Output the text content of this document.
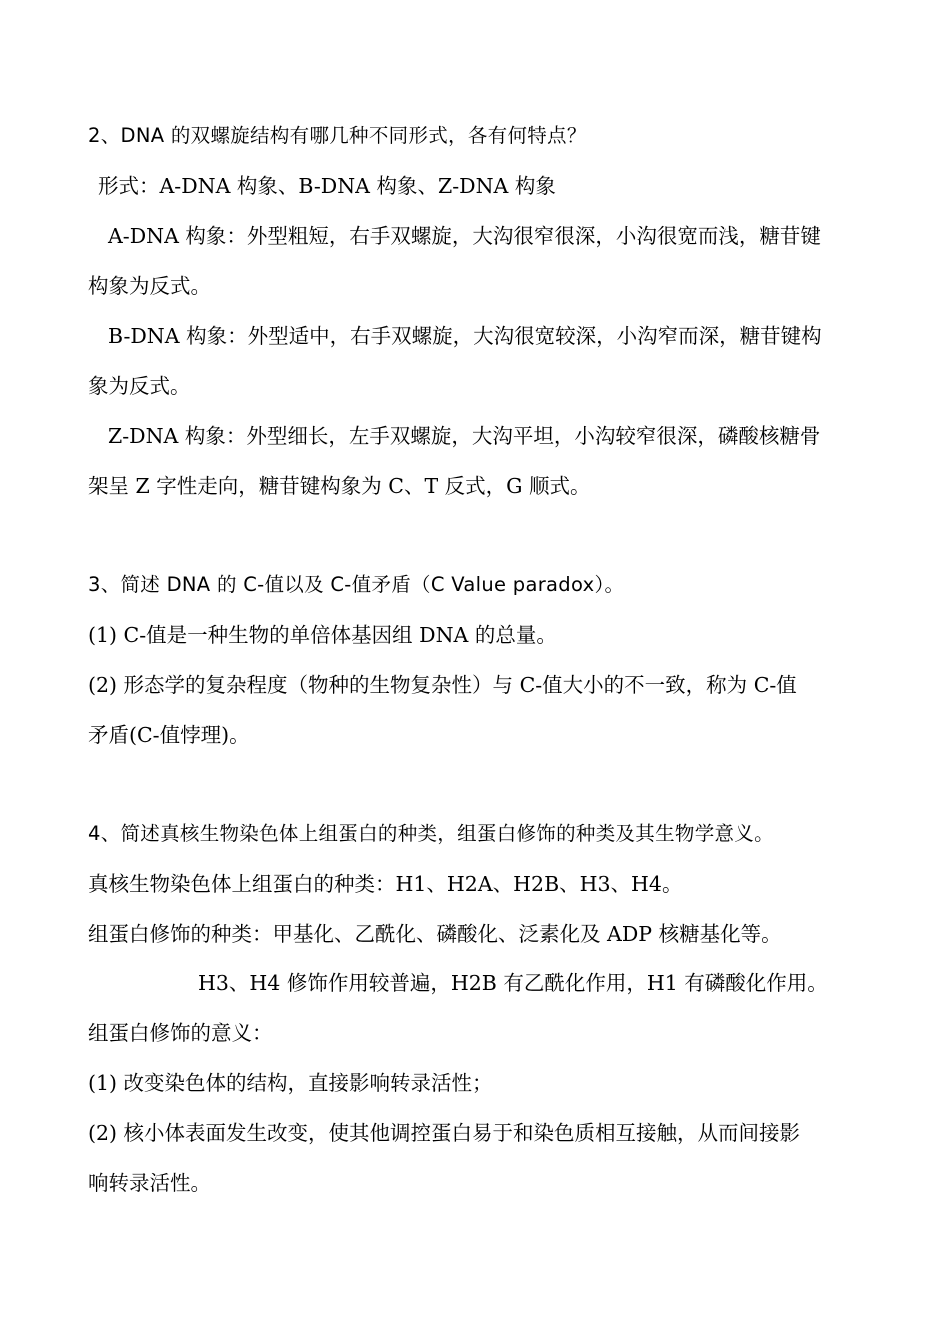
2、DNA 的双螺旋结构有哪几种不同形式，各有何特点？
形式：A-DNA 构象、B-DNA 构象、Z-DNA 构象
A-DNA 构象：外型粗短，右手双螺旋，大沟很窄很深，小沟很宽而浅，糖苷键
构象为反式。
B-DNA 构象：外型适中，右手双螺旋，大沟很宽较深，小沟窄而深，糖苷键构
象为反式。
Z-DNA 构象：外型细长，左手双螺旋，大沟平坦，小沟较窄很深，磷酸核糖骨
架呈 Z 字性走向，糖苷键构象为 C、T 反式，G 顺式。
3、简述 DNA 的 C-值以及 C-值矛盾（C Value paradox）。
(1) C-值是一种生物的单倍体基因组 DNA 的总量。
(2) 形态学的复杂程度（物种的生物复杂性）与 C-值大小的不一致，称为 C-值
矛盾(C-值悖理)。
4、简述真核生物染色体上组蛋白的种类，组蛋白修饰的种类及其生物学意义。
真核生物染色体上组蛋白的种类：H1、H2A、H2B、H3、H4。
组蛋白修饰的种类：甲基化、乙酰化、磷酸化、泛素化及 ADP 核糖基化等。
H3、H4 修饰作用较普遍，H2B 有乙酰化作用，H1 有磷酸化作用。
组蛋白修饰的意义：
(1) 改变染色体的结构，直接影响转录活性；
(2) 核小体表面发生改变，使其他调控蛋白易于和染色质相互接触，从而间接影
响转录活性。
